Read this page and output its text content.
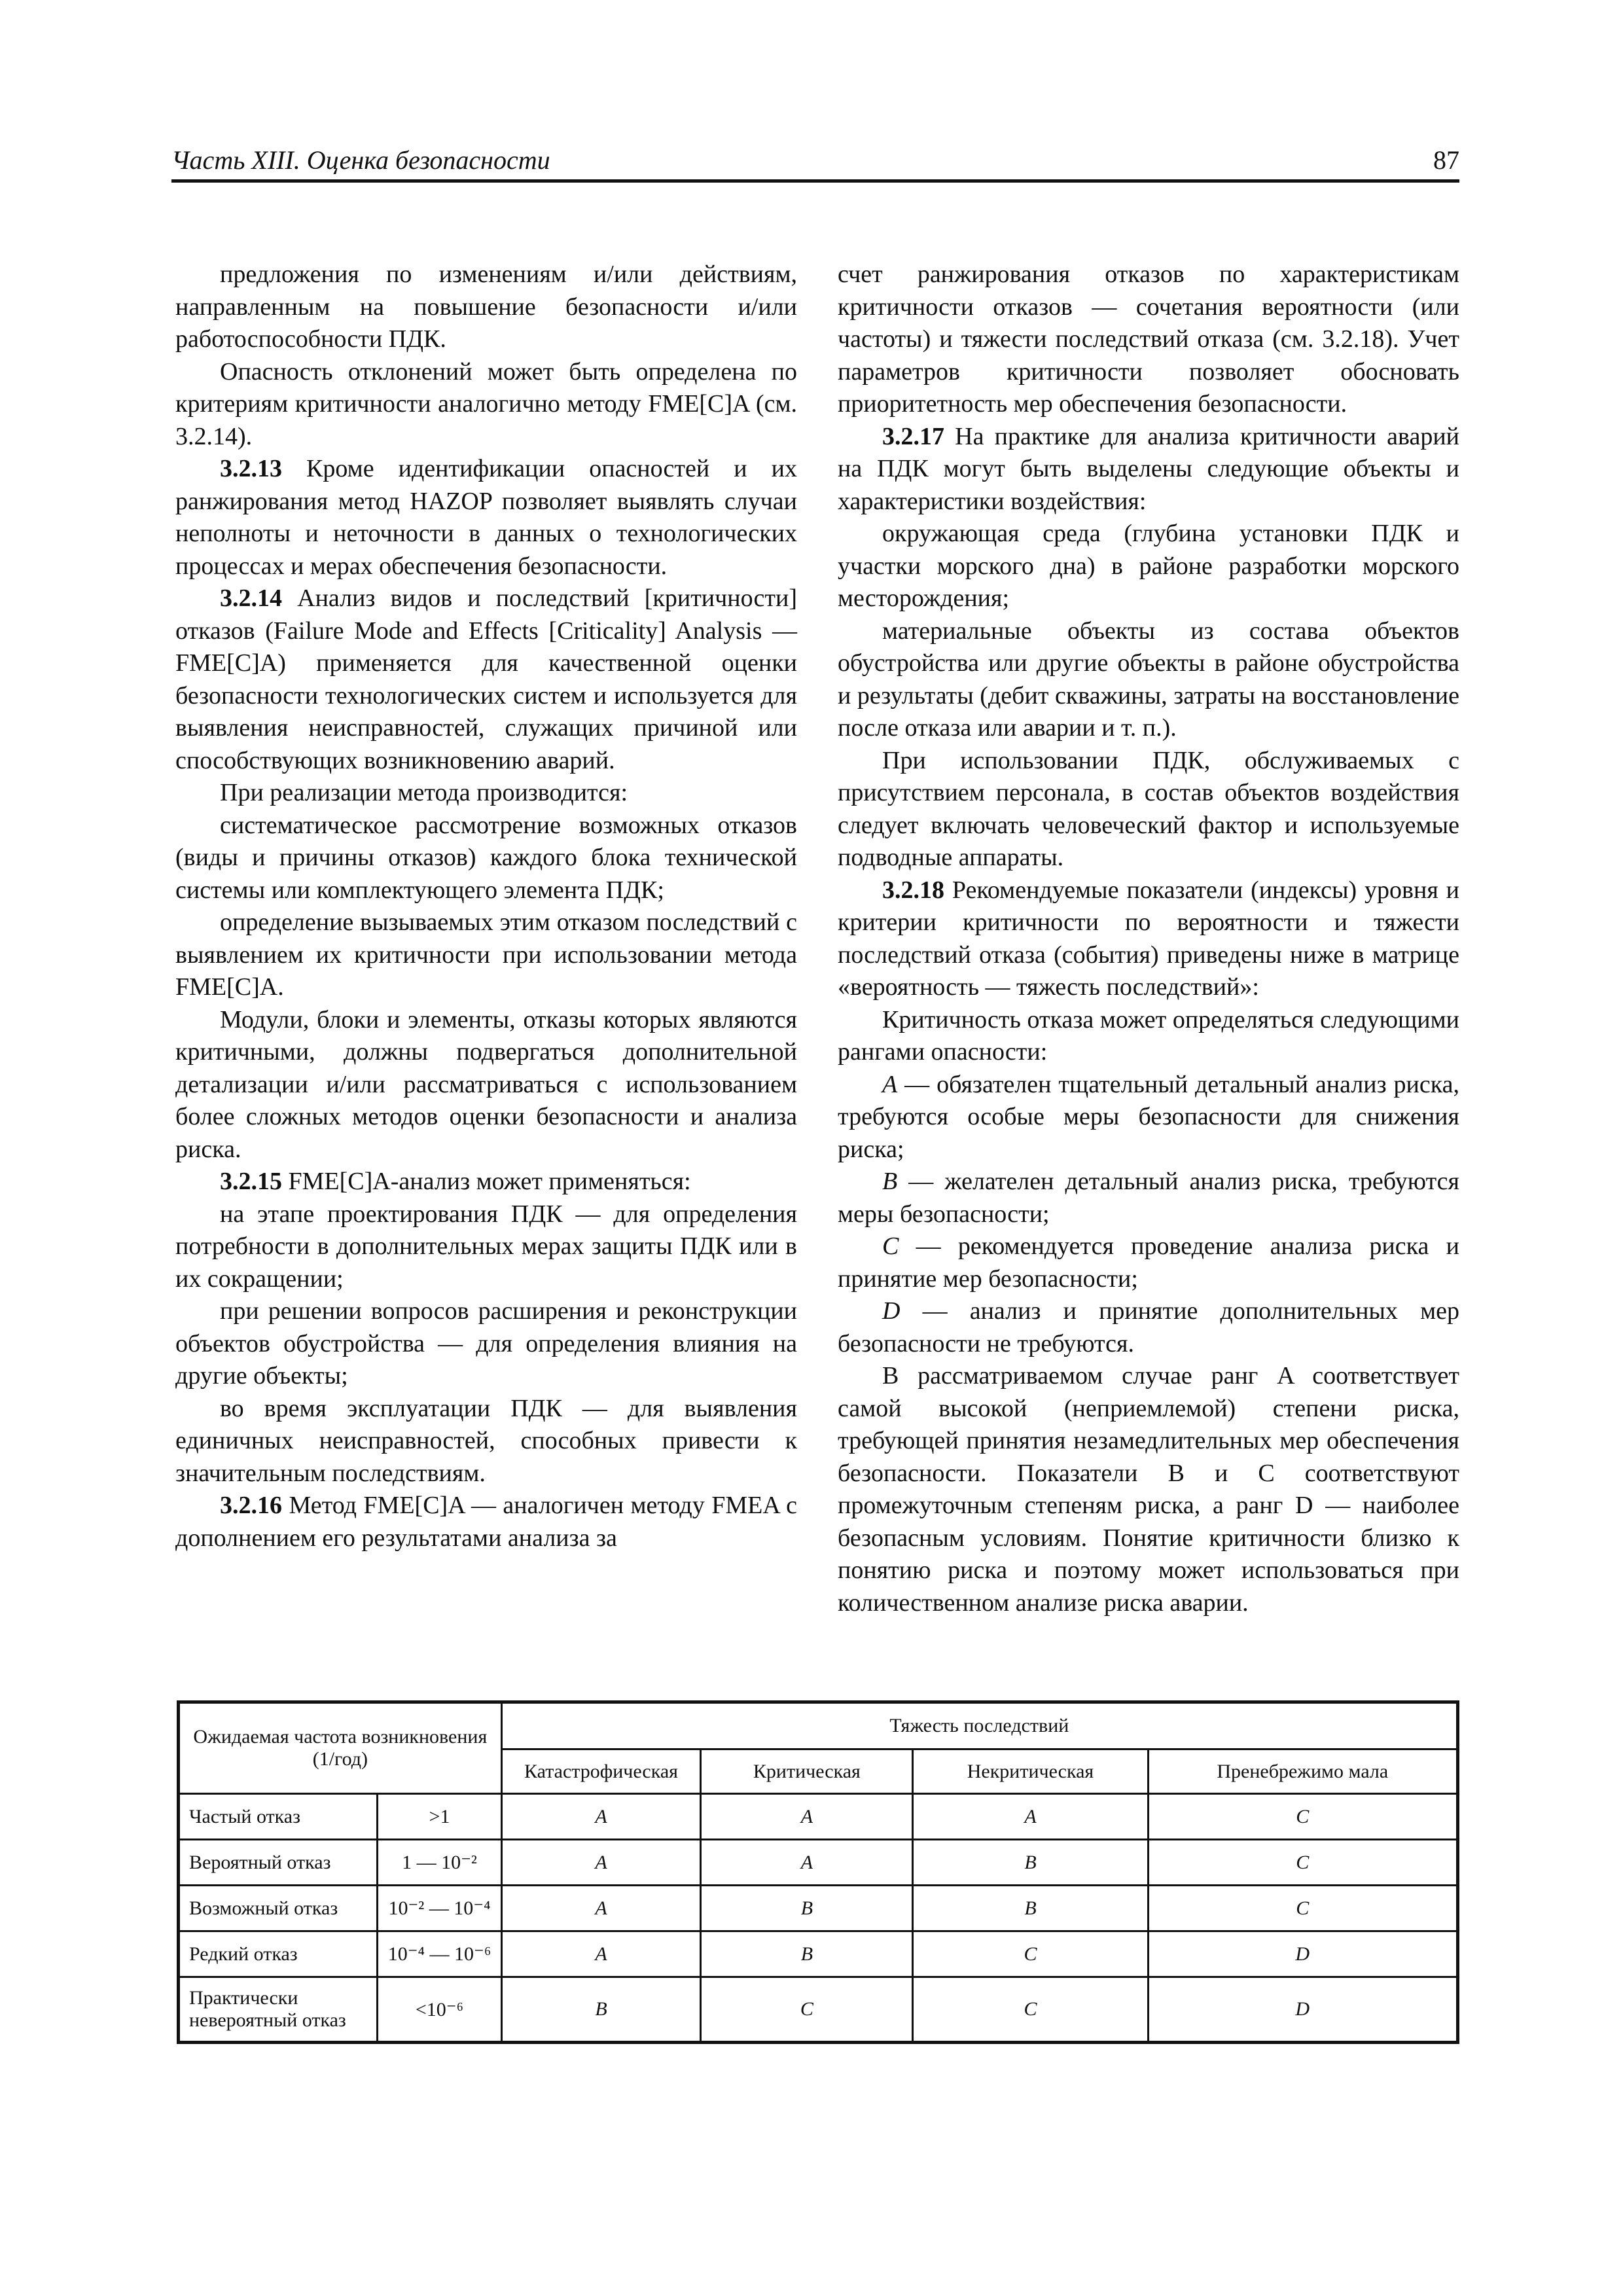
Часть XIII. Оценка безопасности	87

предложения по изменениям и/или действиям, направленным на повышение безопасности и/или работоспособности ПДК.

Опасность отклонений может быть определена по критериям критичности аналогично методу FME[C]A (см. 3.2.14).

3.2.13 Кроме идентификации опасностей и их ранжирования метод HAZOP позволяет выявлять случаи неполноты и неточности в данных о технологических процессах и мерах обеспечения безопасности.

3.2.14 Анализ видов и последствий [критичности] отказов (Failure Mode and Effects [Criticality] Analysis — FME[C]A) применяется для качественной оценки безопасности технологических систем и используется для выявления неисправностей, служащих причиной или способствующих возникновению аварий.

При реализации метода производится:

систематическое рассмотрение возможных отказов (виды и причины отказов) каждого блока технической системы или комплектующего элемента ПДК;

определение вызываемых этим отказом последствий с выявлением их критичности при использовании метода FME[C]A.

Модули, блоки и элементы, отказы которых являются критичными, должны подвергаться дополнительной детализации и/или рассматриваться с использованием более сложных методов оценки безопасности и анализа риска.

3.2.15 FME[C]A-анализ может применяться:

на этапе проектирования ПДК — для определения потребности в дополнительных мерах защиты ПДК или в их сокращении;

при решении вопросов расширения и реконструкции объектов обустройства — для определения влияния на другие объекты;

во время эксплуатации ПДК — для выявления единичных неисправностей, способных привести к значительным последствиям.

3.2.16 Метод FME[C]A — аналогичен методу FMEA с дополнением его результатами анализа за

счет ранжирования отказов по характеристикам критичности отказов — сочетания вероятности (или частоты) и тяжести последствий отказа (см. 3.2.18). Учет параметров критичности позволяет обосновать приоритетность мер обеспечения безопасности.

3.2.17 На практике для анализа критичности аварий на ПДК могут быть выделены следующие объекты и характеристики воздействия:

окружающая среда (глубина установки ПДК и участки морского дна) в районе разработки морского месторождения;

материальные объекты из состава объектов обустройства или другие объекты в районе обустройства и результаты (дебит скважины, затраты на восстановление после отказа или аварии и т. п.).

При использовании ПДК, обслуживаемых с присутствием персонала, в состав объектов воздействия следует включать человеческий фактор и используемые подводные аппараты.

3.2.18 Рекомендуемые показатели (индексы) уровня и критерии критичности по вероятности и тяжести последствий отказа (события) приведены ниже в матрице «вероятность — тяжесть последствий»:

Критичность отказа может определяться следующими рангами опасности:

A — обязателен тщательный детальный анализ риска, требуются особые меры безопасности для снижения риска;

B — желателен детальный анализ риска, требуются меры безопасности;

C — рекомендуется проведение анализа риска и принятие мер безопасности;

D — анализ и принятие дополнительных мер безопасности не требуются.

В рассматриваемом случае ранг A соответствует самой высокой (неприемлемой) степени риска, требующей принятия незамедлительных мер обеспечения безопасности. Показатели B и C соответствуют промежуточным степеням риска, а ранг D — наиболее безопасным условиям. Понятие критичности близко к понятию риска и поэтому может использоваться при количественном анализе риска аварии.

Ожидаемая частота возникновения (1/год)		Тяжесть последствий			
		Катастрофическая	Критическая	Некритическая	Пренебрежимо мала
Частый отказ	>1	A	A	A	C
Вероятный отказ	1 — 10⁻²	A	A	B	C
Возможный отказ	10⁻² — 10⁻⁴	A	B	B	C
Редкий отказ	10⁻⁴ — 10⁻⁶	A	B	C	D
Практически невероятный отказ	<10⁻⁶	B	C	C	D
